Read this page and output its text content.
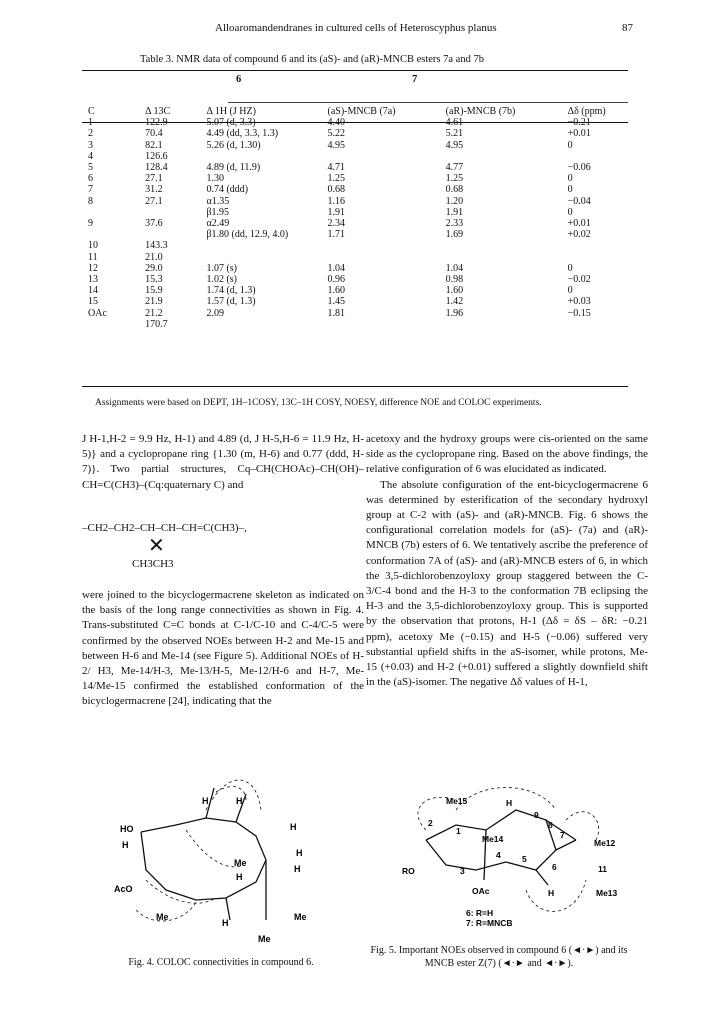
Alloaromandendranes in cultured cells of Heteroscyphus planus	87
Table 3. NMR data of compound 6 and its (aS)- and (aR)-MNCB esters 7a and 7b
6	7
C	Δ 13C	Δ 1H (J HZ)	(aS)-MNCB (7a)	(aR)-MNCB (7b)	Δδ (ppm)
1	122.9	5.07 (d, 3.3)	4.40	4.61	−0.21
2	70.4	4.49 (dd, 3.3, 1.3)	5.22	5.21	+0.01
3	82.1	5.26 (d, 1.30)	4.95	4.95	0
4	126.6				
5	128.4	4.89 (d, 11.9)	4.71	4.77	−0.06
6	27.1	1.30	1.25	1.25	0
7	31.2	0.74 (ddd)	0.68	0.68	0
8	27.1	α1.35	1.16	1.20	−0.04
		β1.95	1.91	1.91	0
9	37.6	α2.49	2.34	2.33	+0.01
		β1.80 (dd, 12.9, 4.0)	1.71	1.69	+0.02
10	143.3				
11	21.0				
12	29.0	1.07 (s)	1.04	1.04	0
13	15.3	1.02 (s)	0.96	0.98	−0.02
14	15.9	1.74 (d, 1.3)	1.60	1.60	0
15	21.9	1.57 (d, 1.3)	1.45	1.42	+0.03
OAc	21.2	2.09	1.81	1.96	−0.15
	170.7				
Assignments were based on DEPT, 1H–1COSY, 13C–1H COSY, NOESY, difference NOE and COLOC experiments.

J H-1,H-2 = 9.9 Hz, H-1) and 4.89 (d, J H-5,H-6 = 11.9 Hz, H-5)} and a cyclopropane ring {1.30 (m, H-6) and 0.77 (ddd, H-7)}. Two partial structures, Cq–CH(CHOAc)–CH(OH)–CH=C(CH3)–(Cq:quaternary C) and

–CH2–CH2–CH–CH–CH=C(CH3)–,
✕
CH3CH3

were joined to the bicyclogermacrene skeleton as indicated on the basis of the long range connectivities as shown in Fig. 4. Trans-substituted C=C bonds at C-1/C-10 and C-4/C-5 were confirmed by the observed NOEs between H-2 and Me-15 and between H-6 and Me-14 (see Figure 5). Additional NOEs of H-2/ H3, Me-14/H-3, Me-13/H-5, Me-12/H-6 and H-7, Me-14/Me-15 confirmed the established conformation of the bicyclogermacrene [24], indicating that the

acetoxy and the hydroxy groups were cis-oriented on the same side as the cyclopropane ring. Based on the above findings, the relative configuration of 6 was elucidated as indicated.

The absolute configuration of the ent-bicyclogermacrene 6 was determined by esterification of the secondary hydroxyl group at C-2 with (aS)- and (aR)-MNCB. Fig. 6 shows the configurational correlation models for (aS)- (7a) and (aR)-MNCB (7b) esters of 6. We tentatively ascribe the preference of conformation 7A of (aS)- and (aR)-MNCB esters of 6, in which the 3,5-dichlorobenzoyloxy group staggered between the C-3/C-4 bond and the H-3 to the conformation 7B eclipsing the H-3 and the 3,5-dichlorobenzoyloxy group. This is supported by the observation that protons, H-1 (Δδ = δS – δR: −0.21 ppm), acetoxy Me (−0.15) and H-5 (−0.06) suffered very substantial upfield shifts in the aS-isomer, while protons, Me-15 (+0.03) and H-2 (+0.01) suffered a slightly downfield shift in the (aS)-isomer. The negative Δδ values of H-1,

HO
H
AcO
Me
H	H
H
H
H
H
Me
Me
H
Me
Fig. 4. COLOC connectivities in compound 6.
Me15	H
9
8
7
Me12
2
Me14
1
4	5
6	11
RO	3
OAc	Me13
H
6: R=H
7: R=MNCB
Fig. 5. Important NOEs observed in compound 6 (◄·►) and its MNCB ester Z(7) (◄·► and ◄·►).
